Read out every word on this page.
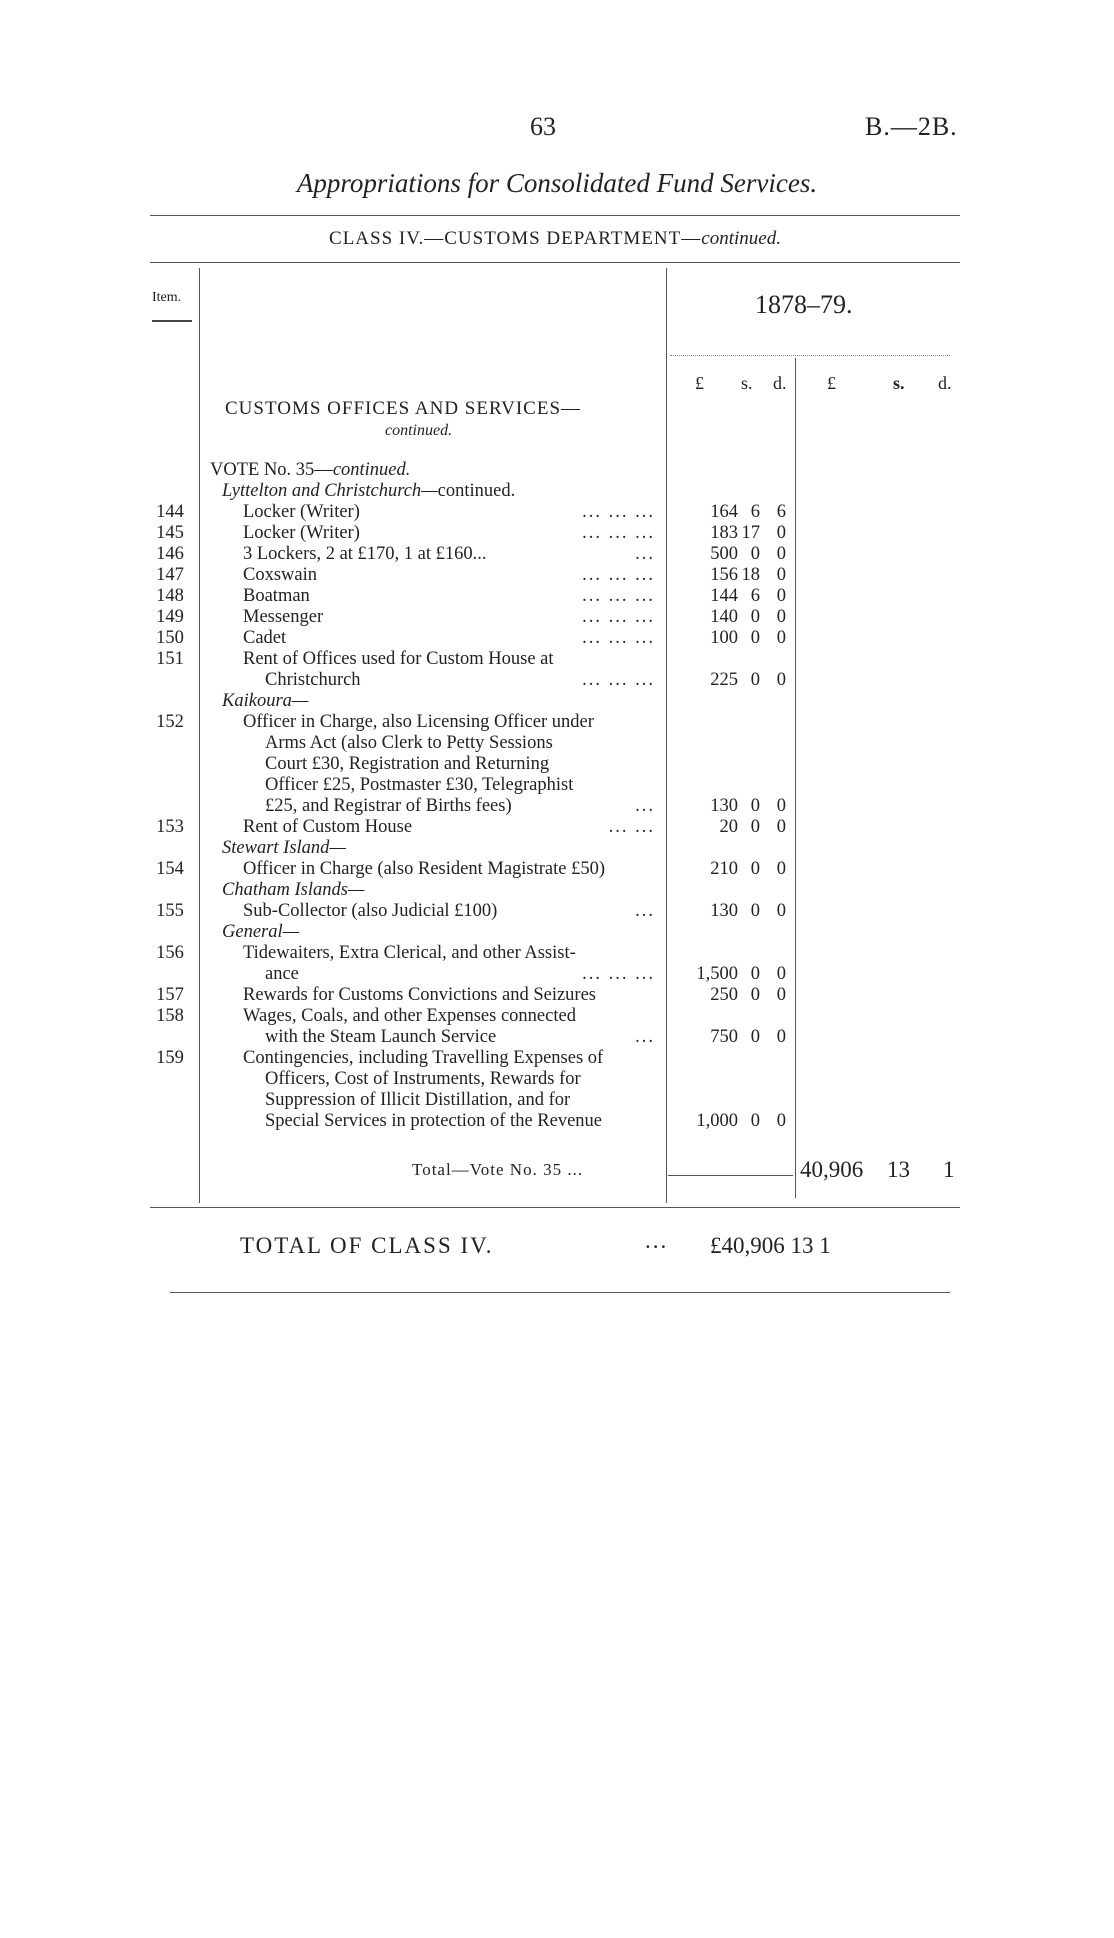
63	B.—2B.
Appropriations for Consolidated Fund Services.
CLASS IV.—CUSTOMS DEPARTMENT—continued.
Item.	1878–79.
£ s. d. £	s. d.
CUSTOMS OFFICES AND SERVICES—
continued.
VOTE No. 35—continued.
Lyttelton and Christchurch—continued.
144	Locker (Writer)	... ... ...	164 6 6
145	Locker (Writer)	... ... ...	183 17 0
146	3 Lockers, 2 at £170, 1 at £160...	...	500 0 0
147	Coxswain	... ... ...	156 18 0
148	Boatman	... ... ...	144 6 0
149	Messenger	... ... ...	140 0 0
150	Cadet	... ... ...	100 0 0
151	Rent of Offices used for Custom House at
Christchurch	... ... ...	225 0 0
Kaikoura—
152	Officer in Charge, also Licensing Officer under
Arms Act (also Clerk to Petty Sessions
Court £30, Registration and Returning
Officer £25, Postmaster £30, Telegraphist
£25, and Registrar of Births fees)	...	130 0 0
153	Rent of Custom House	... ...	20 0 0
Stewart Island—
154	Officer in Charge (also Resident Magistrate £50)	210 0 0
Chatham Islands—
155	Sub-Collector (also Judicial £100)	...	130 0 0
General—
156	Tidewaiters, Extra Clerical, and other Assist-
ance	... ... ... 1,500 0 0
157	Rewards for Customs Convictions and Seizures	250 0 0
158	Wages, Coals, and other Expenses connected
with the Steam Launch Service	...	750 0 0
159	Contingencies, including Travelling Expenses of
Officers, Cost of Instruments, Rewards for
Suppression of Illicit Distillation, and for
Special Services in protection of the Revenue	1,000 0 0
Total—Vote No. 35 ...	40,906 13 1
TOTAL OF CLASS IV.	... £40,906 13 1
